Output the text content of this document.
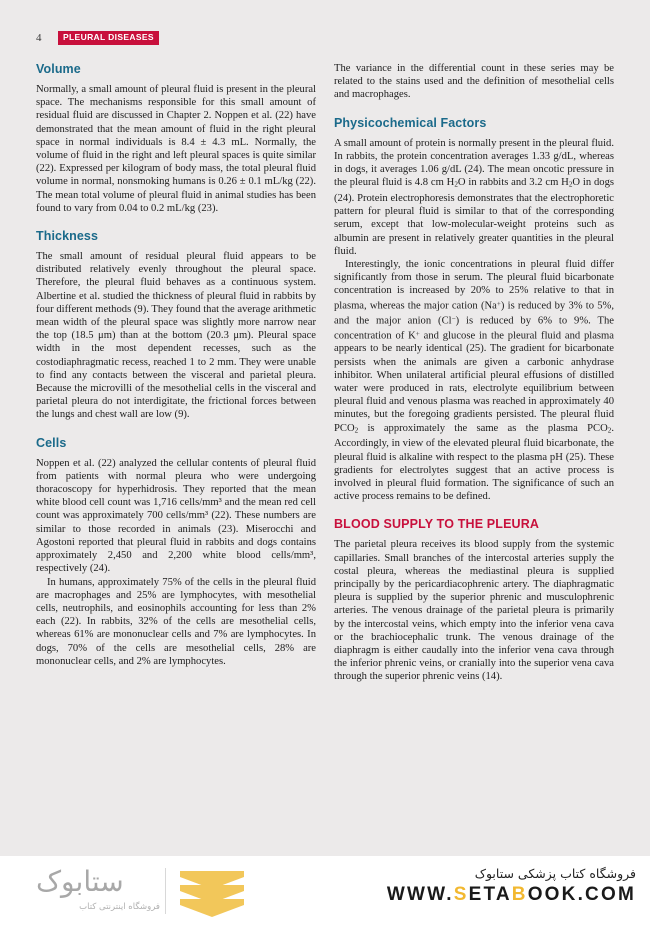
4	PLEURAL DISEASES
Volume

Normally, a small amount of pleural fluid is present in the pleural space. The mechanisms responsible for this small amount of residual fluid are discussed in Chapter 2. Noppen et al. (22) have demonstrated that the mean amount of fluid in the right pleural space in normal individuals is 8.4 ± 4.3 mL. Normally, the volume of fluid in the right and left pleural spaces is quite similar (22). Expressed per kilogram of body mass, the total pleural fluid volume in normal, nonsmoking humans is 0.26 ± 0.1 mL/kg (22). The mean total volume of pleural fluid in animal studies has been found to vary from 0.04 to 0.2 mL/kg (23).

Thickness

The small amount of residual pleural fluid appears to be distributed relatively evenly throughout the pleural space. Therefore, the pleural fluid behaves as a continuous system. Albertine et al. studied the thickness of pleural fluid in rabbits by four different methods (9). They found that the average arithmetic mean width of the pleural space was slightly more narrow near the top (18.5 μm) than at the bottom (20.3 μm). Pleural space width in the most dependent recesses, such as the costodiaphragmatic recess, reached 1 to 2 mm. They were unable to find any contacts between the visceral and parietal pleura. Because the microvilli of the mesothelial cells in the visceral and parietal pleura do not interdigitate, the frictional forces between the lungs and chest wall are low (9).

Cells

Noppen et al. (22) analyzed the cellular contents of pleural fluid from patients with normal pleura who were undergoing thoracoscopy for hyperhidrosis. They reported that the mean white blood cell count was 1,716 cells/mm³ and the mean red cell count was approximately 700 cells/mm³ (22). These numbers are similar to those recorded in animals (23). Miserocchi and Agostoni reported that pleural fluid in rabbits and dogs contains approximately 2,450 and 2,200 white blood cells/mm³, respectively (24).

In humans, approximately 75% of the cells in the pleural fluid are macrophages and 25% are lymphocytes, with mesothelial cells, neutrophils, and eosinophils accounting for less than 2% each (22). In rabbits, 32% of the cells are mesothelial cells, whereas 61% are mononuclear cells and 7% are lymphocytes. In dogs, 70% of the cells are mesothelial cells, 28% are mononuclear cells, and 2% are lymphocytes.

The variance in the differential count in these series may be related to the stains used and the definition of mesothelial cells and macrophages.

Physicochemical Factors

A small amount of protein is normally present in the pleural fluid. In rabbits, the protein concentration averages 1.33 g/dL, whereas in dogs, it averages 1.06 g/dL (24). The mean oncotic pressure in the pleural fluid is 4.8 cm $H_2O$ in rabbits and 3.2 cm $H_2O$ in dogs (24). Protein electrophoresis demonstrates that the electrophoretic pattern for pleural fluid is similar to that of the corresponding serum, except that low-molecular-weight proteins such as albumin are present in relatively greater quantities in the pleural fluid.

Interestingly, the ionic concentrations in pleural fluid differ significantly from those in serum. The pleural fluid bicarbonate concentration is increased by 20% to 25% relative to that in plasma, whereas the major cation (Na+) is reduced by 3% to 5%, and the major anion (Cl−) is reduced by 6% to 9%. The concentration of K+ and glucose in the pleural fluid and plasma appears to be nearly identical (25). The gradient for bicarbonate persists when the animals are given a carbonic anhydrase inhibitor. When unilateral artificial pleural effusions of distilled water were produced in rats, electrolyte equilibrium between pleural fluid and venous plasma was reached in approximately 40 minutes, but the foregoing gradients persisted. The pleural fluid $PCO_2$ is approximately the same as the plasma $PCO_2$. Accordingly, in view of the elevated pleural fluid bicarbonate, the pleural fluid is alkaline with respect to the plasma pH (25). These gradients for electrolytes suggest that an active process is involved in pleural fluid formation. The significance of such an active process remains to be defined.

BLOOD SUPPLY TO THE PLEURA

The parietal pleura receives its blood supply from the systemic capillaries. Small branches of the intercostal arteries supply the costal pleura, whereas the mediastinal pleura is supplied principally by the pericardiacophrenic artery. The diaphragmatic pleura is supplied by the superior phrenic and musculophrenic arteries. The venous drainage of the parietal pleura is primarily by the intercostal veins, which empty into the inferior vena cava or the brachiocephalic trunk. The venous drainage of the diaphragm is either caudally into the inferior vena cava through the inferior phrenic veins, or cranially into the superior vena cava through the superior phrenic veins (14).

ستابوک
فروشگاه اینترنتی کتاب
فروشگاه کتاب پزشکی ستابوک
WWW.SETABOOK.COM
